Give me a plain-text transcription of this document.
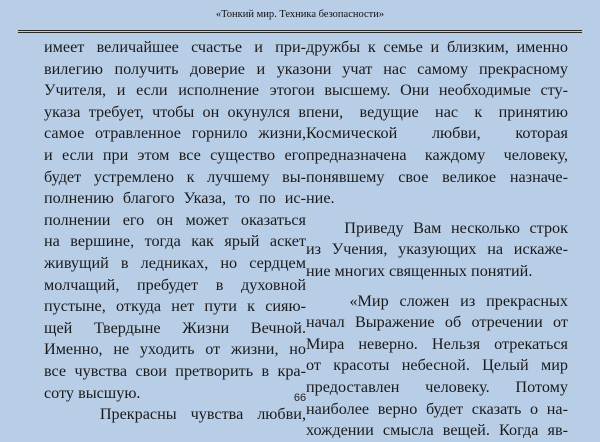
«Тонкий мир. Техника безопасности»
имеет величайшее счастье и при-
вилегию получить доверие и указ
Учителя, и если исполнение этого
указа требует, чтобы он окунулся в
самое отравленное горнило жизни,
и если при этом все существо его
будет устремлено к лучшему вы-
полнению благого Указа, то по ис-
полнении его он может оказаться
на вершине, тогда как ярый аскет
живущий в ледниках, но сердцем
молчащий, пребудет в духовной
пустыне, откуда нет пути к сияю-
щей Твердыне Жизни Вечной.
Именно, не уходить от жизни, но
все чувства свои претворить в кра-
соту высшую.
Прекрасны чувства любви,
дружбы к семье и близким, именно
они учат нас самому прекрасному
и высшему. Они необходимые сту-
пени, ведущие нас к принятию
Космической любви, которая
предназначена каждому человеку,
понявшему свое великое назначе-
ние.
Приведу Вам несколько строк
из Учения, указующих на искаже-
ние многих священных понятий.
«Мир сложен из прекрасных
начал Выражение об отречении от
Мира неверно. Нельзя отрекаться
от красоты небесной. Целый мир
предоставлен человеку. Потому
наиболее верно будет сказать о на-
хождении смысла вещей. Когда яв-
66
